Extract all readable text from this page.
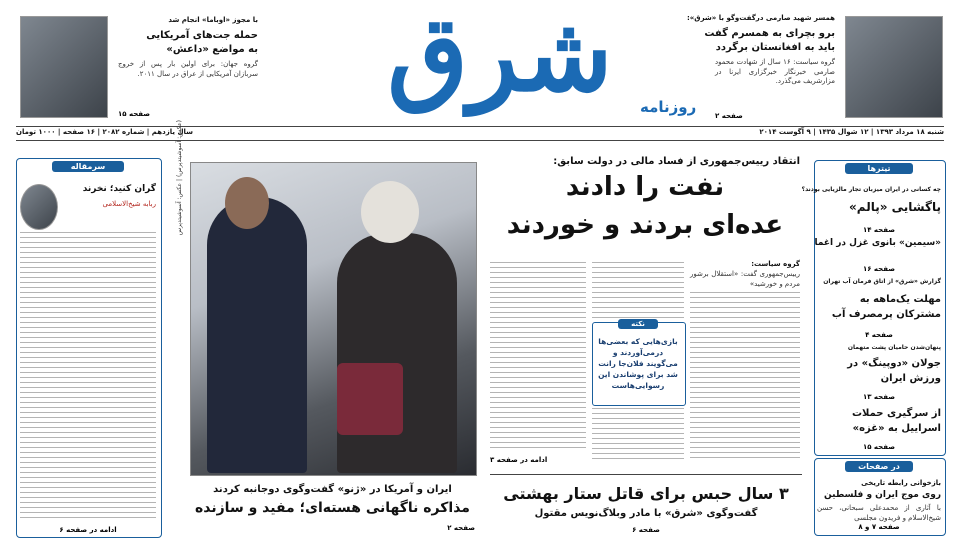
همسر شهید صارمی درگفت‌وگو با «شرق»:
برو بچرای به همسرم گفت
باید به افغانستان برگردد
گروه سیاست: ۱۶ سال از شهادت محمود صارمی خبرنگار خبرگزاری ایرنا در مزارشریف می‌گذرد.
صفحه ۲
شرق	روزنامه
با مجوز «اوباما» انجام شد
حمله جت‌های آمریکایی
به مواضع «داعش»
گروه جهان: برای اولین بار پس از خروج سربازان آمریکایی از عراق در سال ۲۰۱۱.
صفحه ۱۵
شنبه ۱۸ مرداد ۱۳۹۳ | ۱۲ شوال ۱۴۳۵ | ۹ آگوست ۲۰۱۴
سال یازدهم | شماره ۲۰۸۲ | ۱۶ صفحه | ۱۰۰۰ تومان
تیترها
چه کسانی در ایران میزبان تجار مالزیایی بودند؟
پاگشایی «پالم»
صفحه ۱۴
«سیمین» بانوی غزل در اغما
صفحه ۱۶
گزارش «شرق» از اتاق فرمان آب تهران
مهلت یک‌ماهه به مشترکان پرمصرف آب
صفحه ۴
پنهان‌شدن حامیان پشت متهمان
جولان «دوپینگ» در ورزش ایران
صفحه ۱۳
از سرگیری حملات اسراییل به «غزه»
صفحه ۱۵
در صفحات
بازخوانی رابطه تاریخی
روی موج ایران و فلسطین
با آثاری از محمدعلی سبحانی، حسن شیخ‌الاسلام و فریدون مجلسی
صفحه ۷ و ۸
انتقاد رییس‌جمهوری از فساد مالی در دولت سابق:
نفت را دادند
عده‌ای بردند و خوردند
گروه سیاست:
رییس‌جمهوری گفت: «استقلال برشور مردم و خورشید»
نکته
بازی‌هایی که بعضی‌ها درمی‌آوردند و می‌گویند فلان‌جا رانت شد برای پوشاندن این رسوایی‌هاست
ادامه در صفحه ۳
۳ سال حبس برای قاتل ستار بهشتی
گفت‌وگوی «شرق» با مادر وبلاگ‌نویس مقتول
صفحه ۶
(عکس: آسوشیتدپرس) | عکس: آسوشیتدپرس
ایران و آمریکا در «ژنو» گفت‌وگوی دوجانبه کردند
مذاکره ناگهانی هسته‌ای؛ مفید و سازنده
صفحه ۲
سرمقاله
گران کنید؛ نخرند
ربابه شیخ‌الاسلامی
ادامه در صفحه ۶
